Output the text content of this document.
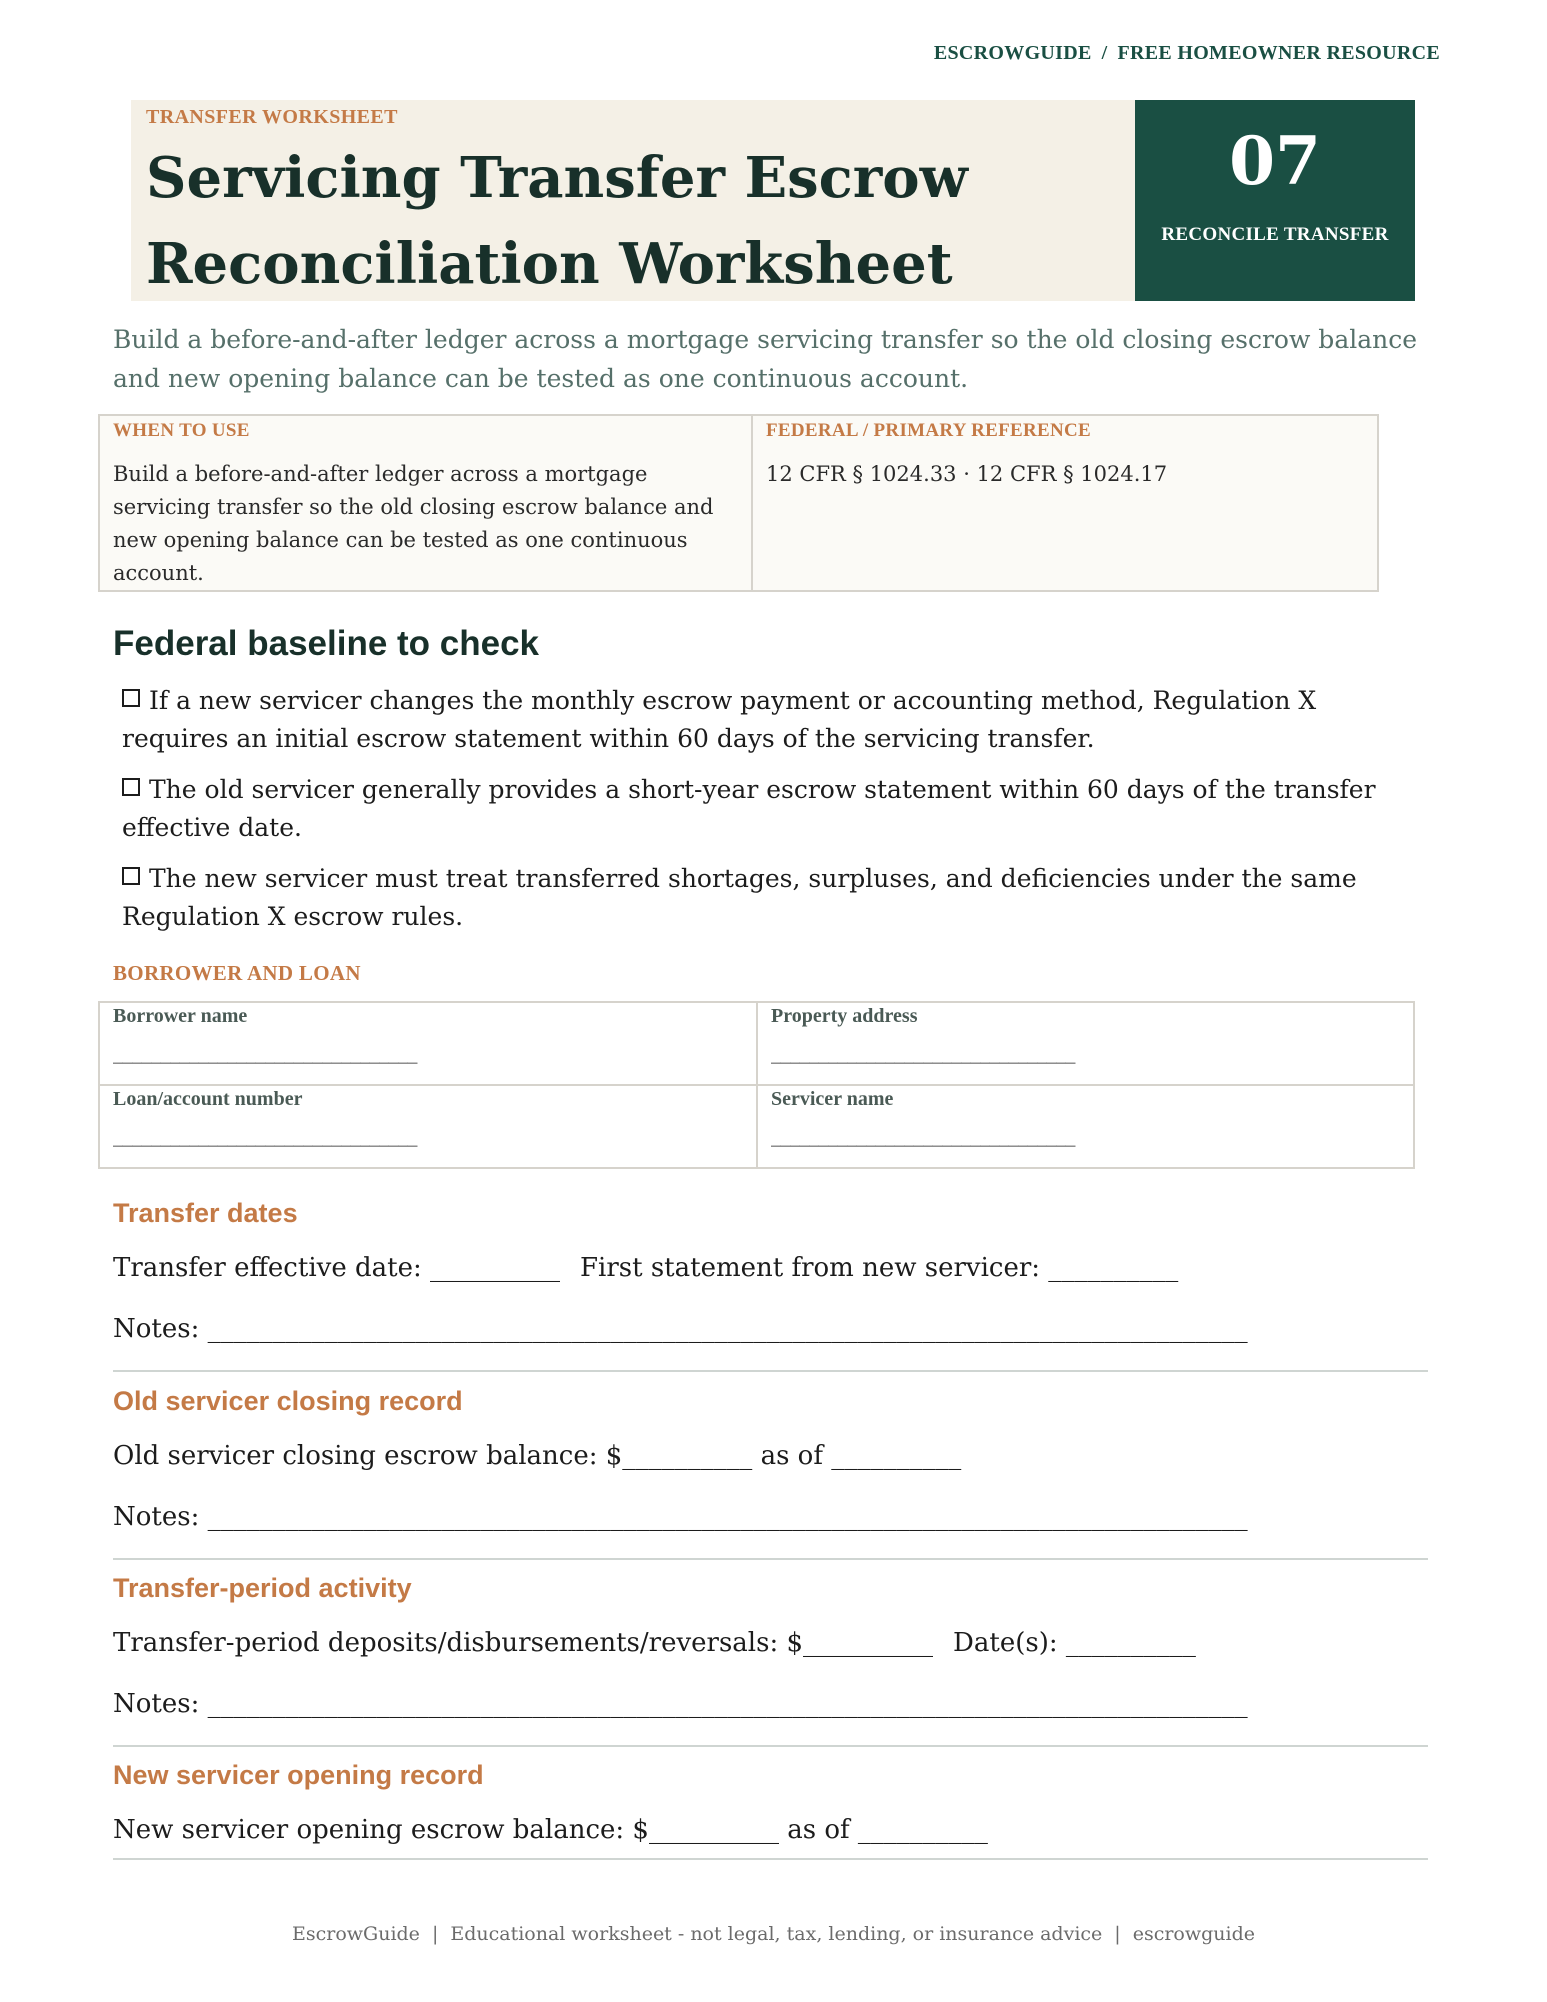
ESCROWGUIDE / FREE HOMEOWNER RESOURCE
TRANSFER WORKSHEET
Servicing Transfer Escrow
Reconciliation Worksheet
07
RECONCILE TRANSFER
Build a before-and-after ledger across a mortgage servicing transfer so the old closing escrow balance and new opening balance can be tested as one continuous account.
WHEN TO USE
Build a before-and-after ledger across a mortgage servicing transfer so the old closing escrow balance and new opening balance can be tested as one continuous account.
FEDERAL / PRIMARY REFERENCE
12 CFR § 1024.33 · 12 CFR § 1024.17
Federal baseline to check
If a new servicer changes the monthly escrow payment or accounting method, Regulation X requires an initial escrow statement within 60 days of the servicing transfer.
The old servicer generally provides a short-year escrow statement within 60 days of the transfer effective date.
The new servicer must treat transferred shortages, surpluses, and deficiencies under the same Regulation X escrow rules.
BORROWER AND LOAN
Borrower name
________________________________
Property address
________________________________
Loan/account number
________________________________
Servicer name
________________________________
Transfer dates
Transfer effective date: __________ First statement from new servicer: __________
Notes: ________________________________________________________________________________
Old servicer closing record
Old servicer closing escrow balance: $__________ as of __________
Notes: ________________________________________________________________________________
Transfer-period activity
Transfer-period deposits/disbursements/reversals: $__________ Date(s): __________
Notes: ________________________________________________________________________________
New servicer opening record
New servicer opening escrow balance: $__________ as of __________
EscrowGuide | Educational worksheet - not legal, tax, lending, or insurance advice | escrowguide
